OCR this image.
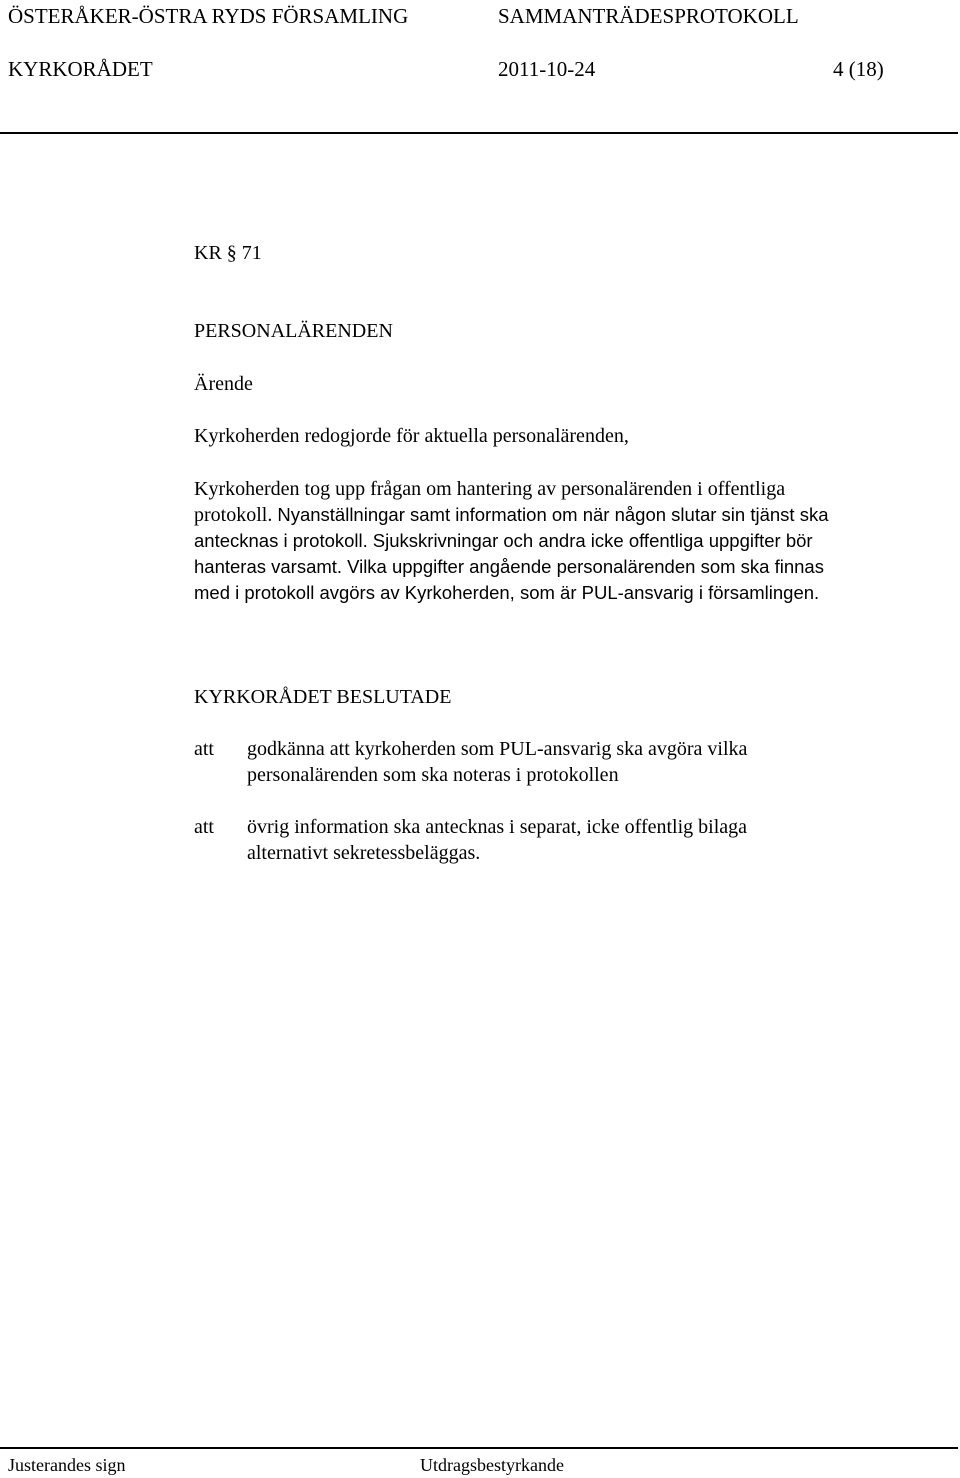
ÖSTERÅKER-ÖSTRA RYDS FÖRSAMLING	SAMMANTRÄDESPROTOKOLL
KYRKORÅDET	2011-10-24	4 (18)
KR § 71
PERSONALÄRENDEN
Ärende
Kyrkoherden redogjorde för aktuella personalärenden,
Kyrkoherden tog upp frågan om hantering av personalärenden i offentliga
protokoll. Nyanställningar samt information om när någon slutar sin tjänst ska
antecknas i protokoll. Sjukskrivningar och andra icke offentliga uppgifter bör
hanteras varsamt. Vilka uppgifter angående personalärenden som ska finnas
med i protokoll avgörs av Kyrkoherden, som är PUL-ansvarig i församlingen.
KYRKORÅDET BESLUTADE
att godkänna att kyrkoherden som PUL-ansvarig ska avgöra vilka
personalärenden som ska noteras i protokollen
att övrig information ska antecknas i separat, icke offentlig bilaga
alternativt sekretessbeläggas.
Justerandes sign	Utdragsbestyrkande
